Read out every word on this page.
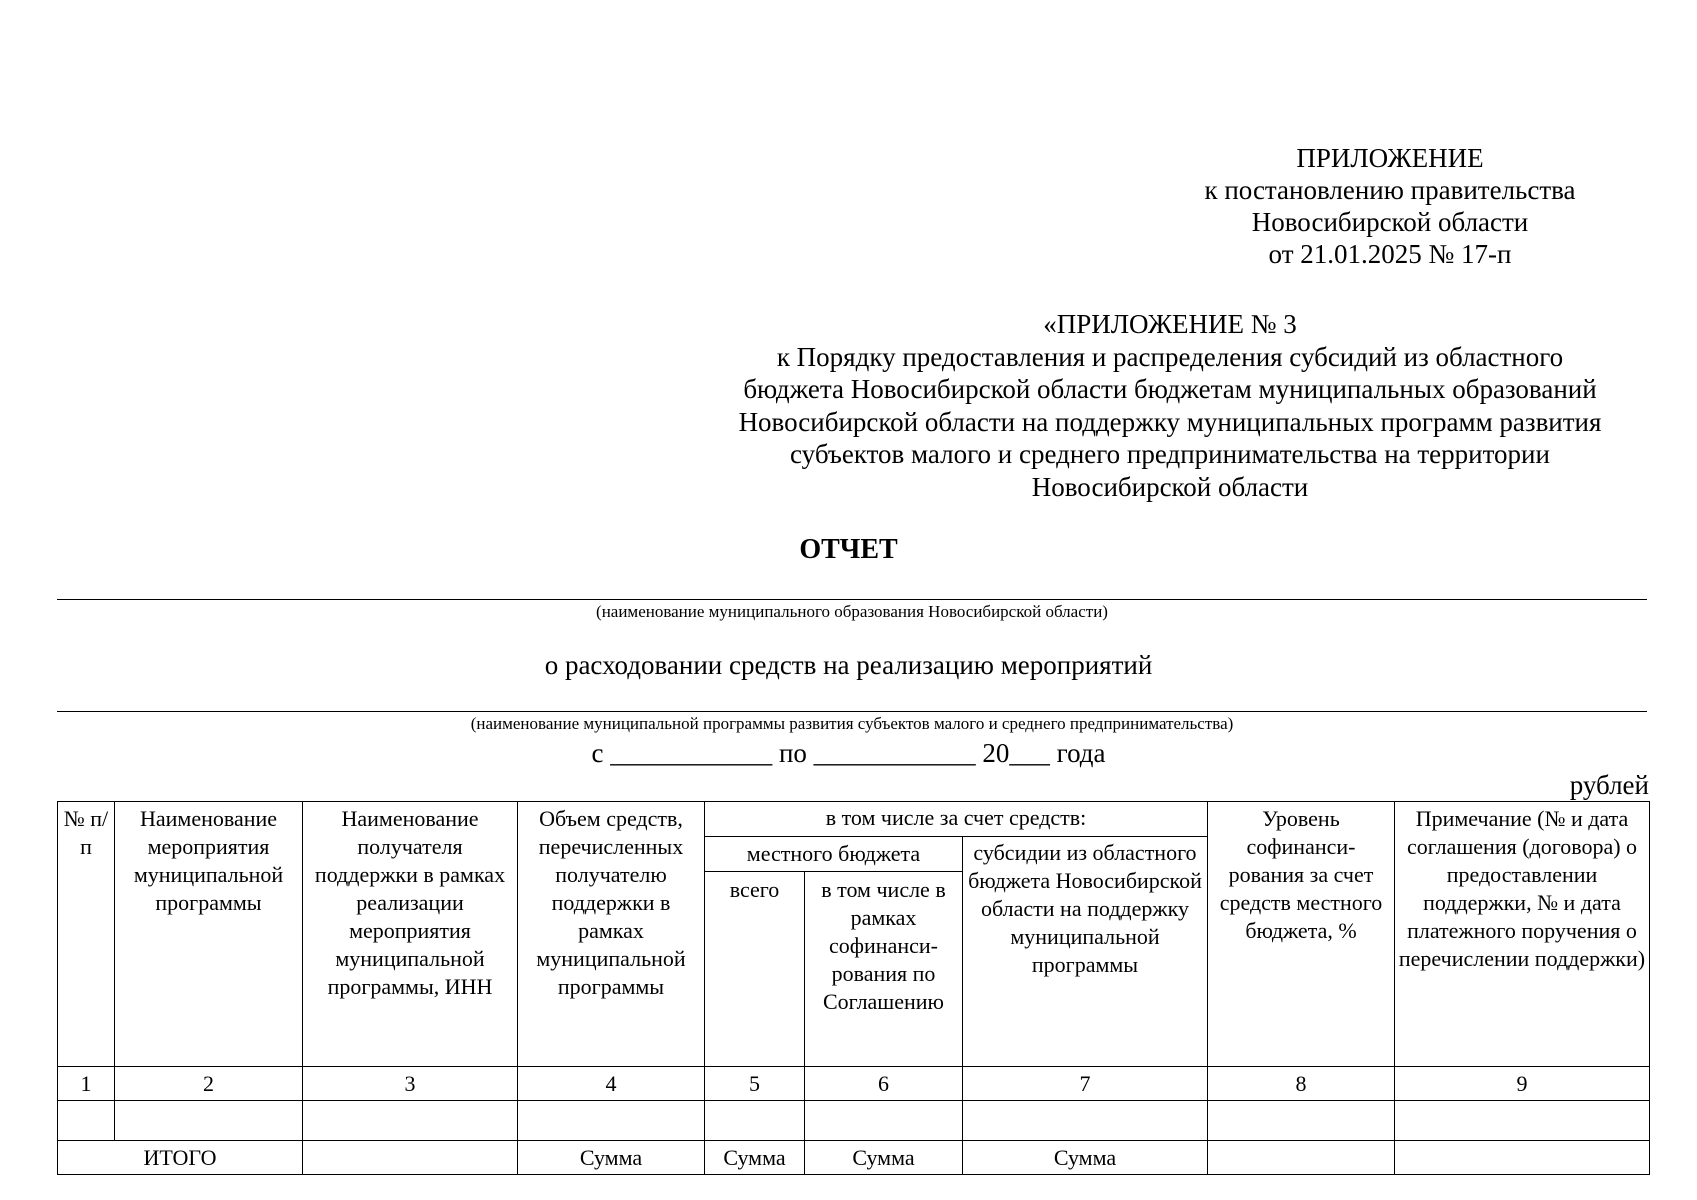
ПРИЛОЖЕНИЕ
к постановлению правительства
Новосибирской области
от 21.01.2025 № 17-п
«ПРИЛОЖЕНИЕ № 3
к Порядку предоставления и распределения субсидий из областного
бюджета Новосибирской области бюджетам муниципальных образований
Новосибирской области на поддержку муниципальных программ развития
субъектов малого и среднего предпринимательства на территории
Новосибирской области
ОТЧЕТ
(наименование муниципального образования Новосибирской области)
о расходовании средств на реализацию мероприятий
(наименование муниципальной программы развития субъектов малого и среднего предпринимательства)
с ____________ по ____________ 20___ года
рублей
№ п/п	Наименование мероприятия муниципальной программы	Наименование получателя поддержки в рамках реализации мероприятия муниципальной программы, ИНН	Объем средств, перечисленных получателю поддержки в рамках муниципальной программы	в том числе за счет средств:			Уровень софинанси-рования за счет средств местного бюджета, %	Примечание (№ и дата соглашения (договора) о предоставлении поддержки, № и дата платежного поручения о перечислении поддержки)
				местного бюджета		субсидии из областного бюджета Новосибирской области на поддержку муниципальной программы		
				всего	в том числе в рамках софинанси-рования по Соглашению			
1	2	3	4	5	6	7	8	9

ИТОГО			Сумма	Сумма	Сумма	Сумма		
